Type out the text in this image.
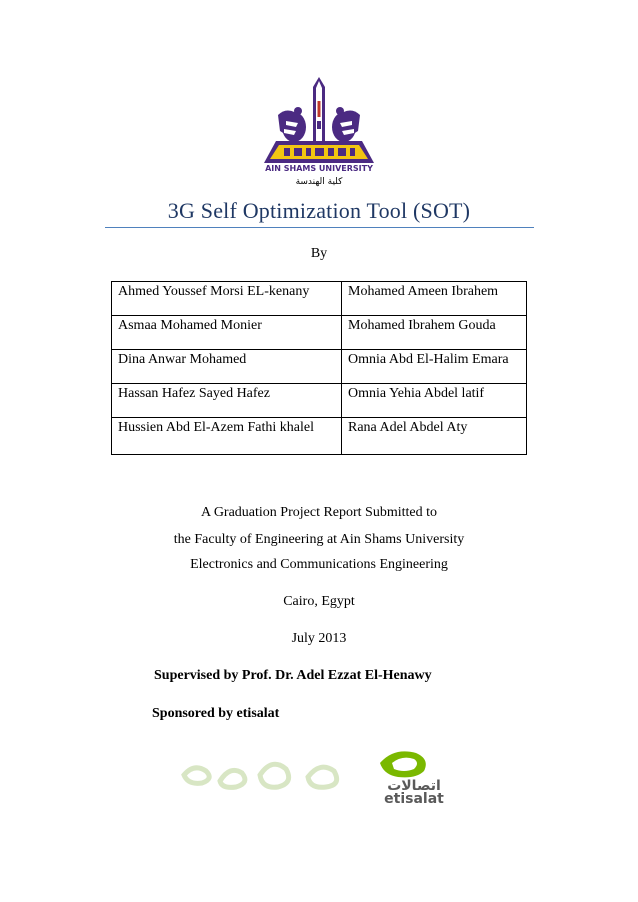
AIN SHAMS UNIVERSITY
كلية الهندسة
3G Self Optimization Tool (SOT)
By
Ahmed Youssef Morsi EL-kenany	Mohamed Ameen Ibrahem
Asmaa Mohamed Monier	Mohamed Ibrahem Gouda
Dina Anwar Mohamed	Omnia Abd El-Halim Emara
Hassan Hafez Sayed Hafez	Omnia Yehia Abdel latif
Hussien Abd El-Azem Fathi khalel	Rana Adel Abdel Aty
A Graduation Project Report Submitted to
the Faculty of Engineering at Ain Shams University
Electronics and Communications Engineering
Cairo, Egypt
July 2013
Supervised by Prof. Dr. Adel Ezzat El-Henawy
Sponsored by etisalat
اتصالات
etisalat
